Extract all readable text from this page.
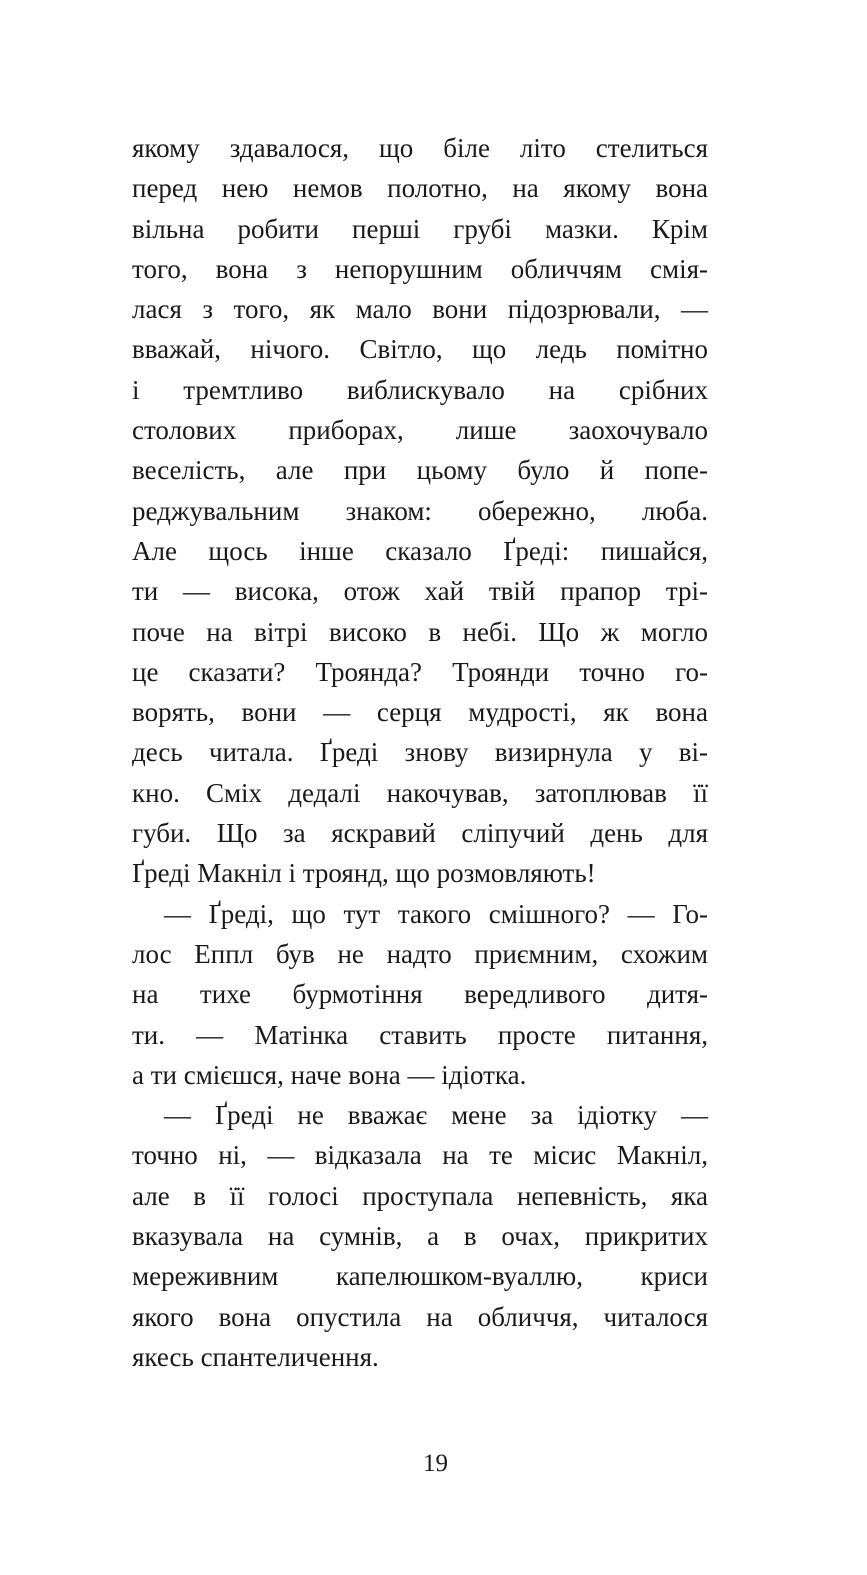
якому здавалося, що біле літо стелиться
перед нею немов полотно, на якому вона
вільна робити перші грубі мазки. Крім
того, вона з непорушним обличчям смія-
лася з того, як мало вони підозрювали, —
вважай, нічого. Світло, що ледь помітно
і тремтливо виблискувало на срібних
столових приборах, лише заохочувало
веселість, але при цьому було й попе-
реджувальним знаком: обережно, люба.
Але щось інше сказало Ґреді: пишайся,
ти — висока, отож хай твій прапор трі-
поче на вітрі високо в небі. Що ж могло
це сказати? Троянда? Троянди точно го-
ворять, вони — серця мудрості, як вона
десь читала. Ґреді знову визирнула у ві-
кно. Сміх дедалі накочував, затоплював її
губи. Що за яскравий сліпучий день для
Ґреді Макніл і троянд, що розмовляють!
— Ґреді, що тут такого смішного? — Го-
лос Еппл був не надто приємним, схожим
на тихе бурмотіння вередливого дитя-
ти. — Матінка ставить просте питання,
а ти смієшся, наче вона — ідіотка.
— Ґреді не вважає мене за ідіотку —
точно ні, — відказала на те місис Макніл,
але в її голосі проступала непевність, яка
вказувала на сумнів, а в очах, прикритих
мереживним капелюшком-вуаллю, криси
якого вона опустила на обличчя, читалося
якесь спантеличення.
19
